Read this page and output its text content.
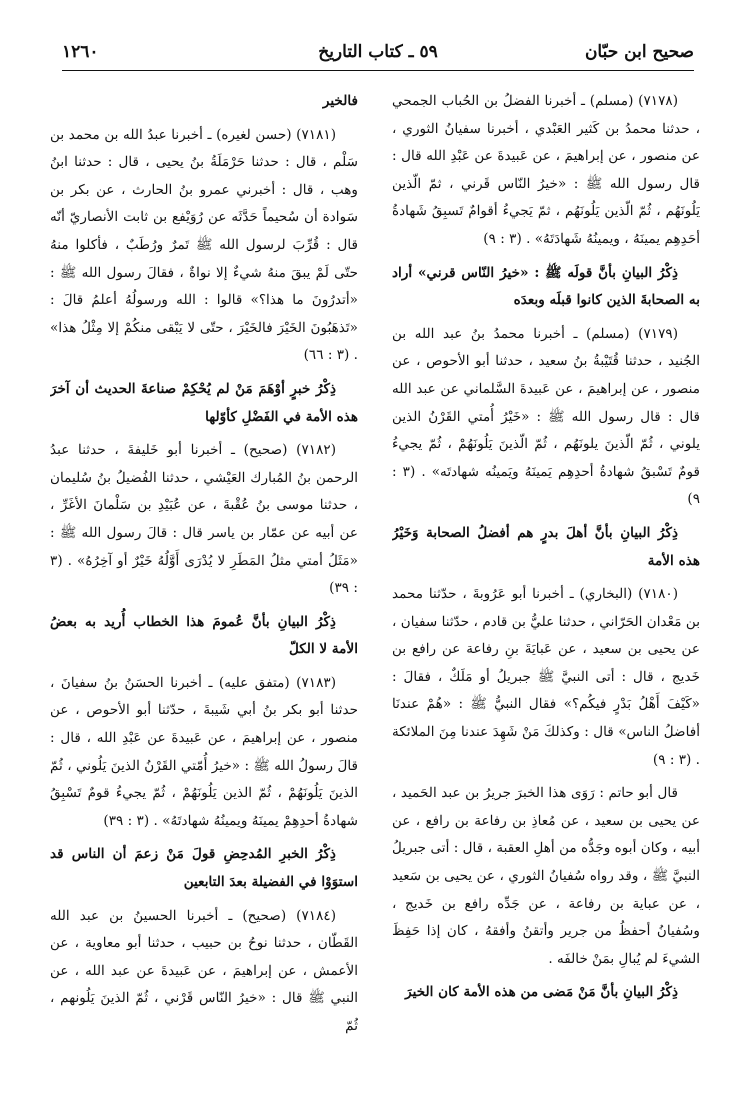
صحيح ابن حبّان
٥٩ ـ كتاب التاريخ
١٢٦٠

(٧١٧٨) (مسلم) ـ أخبرنا الفضلُ بن الحُباب الجمحي ، حدثنا محمدُ بن كَثير العَبْدي ، أخبرنا سفيانُ الثوري ، عن منصور ، عن إبراهيمَ ، عن عَبيدةَ عن عَبْدِ الله قال : قال رسول الله ﷺ : «خيرُ النّاس قَرني ، ثمّ الّذين يَلُونَهُم ، ثُمّ الّذين يَلُونَهُم ، ثمّ يَجيءُ أقوامٌ تَسبِقُ شَهادةُ أحَدِهِم يمينَهُ ، ويمينُهُ شَهادَتَهُ» . (٣ : ٩)

ذِكْرُ البيانِ بأنَّ قولَه ﷺ : «خيرُ النّاس قرني» أراد به الصحابةَ الذين كانوا قبلَه وبعدَه

(٧١٧٩) (مسلم) ـ أخبرنا محمدُ بنُ عبد الله بن الجُنيد ، حدثنا قُتَيْبةُ بنُ سعيد ، حدثنا أبو الأحوص ، عن منصور ، عن إبراهيمَ ، عن عَبيدةَ السَّلماني عن عبد الله قال : قال رسول الله ﷺ : «خَيْرُ أُمتي القَرْنُ الذين يلوني ، ثُمّ الّذينَ يلونَهُم ، ثُمّ الّذينَ يَلُونَهُمْ ، ثُمّ يجيءُ قومٌ تَسْبقُ شهادةُ أحدِهِم يَمينَهُ ويَمينُه شهادتَه» . (٣ : ٩)

ذِكْرُ البيانِ بأنَّ أهلَ بدرٍ هم أفضلُ الصحابة وَخَيْرُ هذه الأمة

(٧١٨٠) (البخاري) ـ أخبرنا أبو عَرُوبةَ ، حدّثنا محمد بن مَعْدان الحَرّاني ، حدثنا عليُّ بن قادم ، حدّثنا سفيان ، عن يحيى بن سعيد ، عن عَبايَةَ بنِ رفاعة عن رافع بن خَديج ، قال : أتى النبيَّ ﷺ جبريلُ أو مَلَكٌ ، فقالَ : «كَيْفَ أَهْلُ بَدْرٍ فيكُم؟» فقال النبيُّ ﷺ : «هُمْ عندنَا أفاضلُ الناس» قال : وكذلكَ مَنْ شَهِدَ عندنا مِنَ الملائكة . (٣ : ٩)

قال أبو حاتم : رَوَى هذا الخبرَ جريرُ بن عبد الحَميد ، عن يحيى بن سعيد ، عن مُعاذِ بن رفاعة بن رافع ، عن أبيه ، وكان أبوه وجَدُّه من أهلِ العقبة ، قال : أتى جبريلُ النبيَّ ﷺ ، وقد رواه سُفيانُ الثوري ، عن يحيى بن سَعيد ، عن عباية بن رفاعة ، عن جَدِّه رافع بن خَديج ، وسُفيانُ أحفظُ من جرير وأتقنُ وأفقهُ ، كان إذا حَفِظَ الشيءَ لم يُبالِ بمَنْ خالفَه .

ذِكْرُ البيانِ بأنَّ مَنْ مَضى من هذه الأمة كان الخيرَ

فالخير

(٧١٨١) (حسن لغيره) ـ أخبرنا عبدُ الله بن محمد بن سَلْم ، قال : حدثنا حَرْمَلَةُ بنُ يحيى ، قال : حدثنا ابنُ وهب ، قال : أخبرني عمرو بنُ الحارث ، عن بكر بن سَوادة أن سُحيماً حَدَّثَه عن رُوَيْفع بن ثابت الأنصاريّ أنّه قال : قُرِّبَ لرسول الله ﷺ تَمرٌ ورُطَبٌ ، فأكلوا منهُ حتّى لَمْ يبقَ منهُ شيءٌ إلا نواةٌ ، فقالَ رسول الله ﷺ : «أتدرُونَ ما هذا؟» قالوا : الله ورسولُهُ أعلمُ قالَ : «تَذهَبُونَ الخَيْرَ فالخَيْرَ ، حتّى لا يَبْقى منكُمْ إلا مِثْلُ هذا» . (٣ : ٦٦)

ذِكْرُ خبرٍ أوْهَمَ مَنْ لم يُحْكِمْ صناعةَ الحديث أن آخرَ هذه الأمة في الفَضْلِ كأوّلها

(٧١٨٢) (صحيح) ـ أخبرنا أبو خَليفةَ ، حدثنا عبدُ الرحمن بنُ المُبارك العَيْشي ، حدثنا الفُضيلُ بنُ سُليمان ، حدثنا موسى بنُ عُقْبةَ ، عن عُبَيْدِ بن سَلْمانَ الأغَرِّ ، عن أبيه عن عمّار بن ياسر قال : قالَ رسول الله ﷺ : «مَثَلُ أمتي مثلُ المَطَرِ لا يُدْرَى أَوَّلُهُ خَيْرٌ أو آخِرُهُ» . (٣ : ٣٩)

ذِكْرُ البيانِ بأنَّ عُمومَ هذا الخطاب أُريد به بعضُ الأمة لا الكلّ

(٧١٨٣) (متفق عليه) ـ أخبرنا الحسَنُ بنُ سفيانَ ، حدثنا أبو بكر بنُ أبي شَيبةَ ، حدّثنا أبو الأحوص ، عن منصور ، عن إبراهيمَ ، عن عَبيدةَ عن عَبْدِ الله ، قال : قالَ رسولُ الله ﷺ : «خيرُ أُمّتي القَرْنُ الذينَ يَلُوني ، ثُمّ الذينَ يَلُونَهُمْ ، ثُمّ الذين يَلُونَهُمْ ، ثُمّ يجيءُ قومٌ تَسْبِقُ شهادةُ أحدِهِمْ يمينَهُ ويمينُهُ شهادتَهُ» . (٣ : ٣٩)

ذِكْرُ الخبرِ المُدحِضِ قولَ مَنْ زعمَ أن الناس قد استوَوْا في الفضيلة بعدَ التابعين

(٧١٨٤) (صحيح) ـ أخبرنا الحسينُ بن عبد الله القَطّان ، حدثنا نوحُ بن حبيب ، حدثنا أبو معاوية ، عن الأعمش ، عن إبراهيمَ ، عن عَبيدةَ عن عبد الله ، عن النبي ﷺ قال : «خيرُ النّاس قَرْني ، ثُمّ الذينَ يَلُونهم ، ثُمّ
